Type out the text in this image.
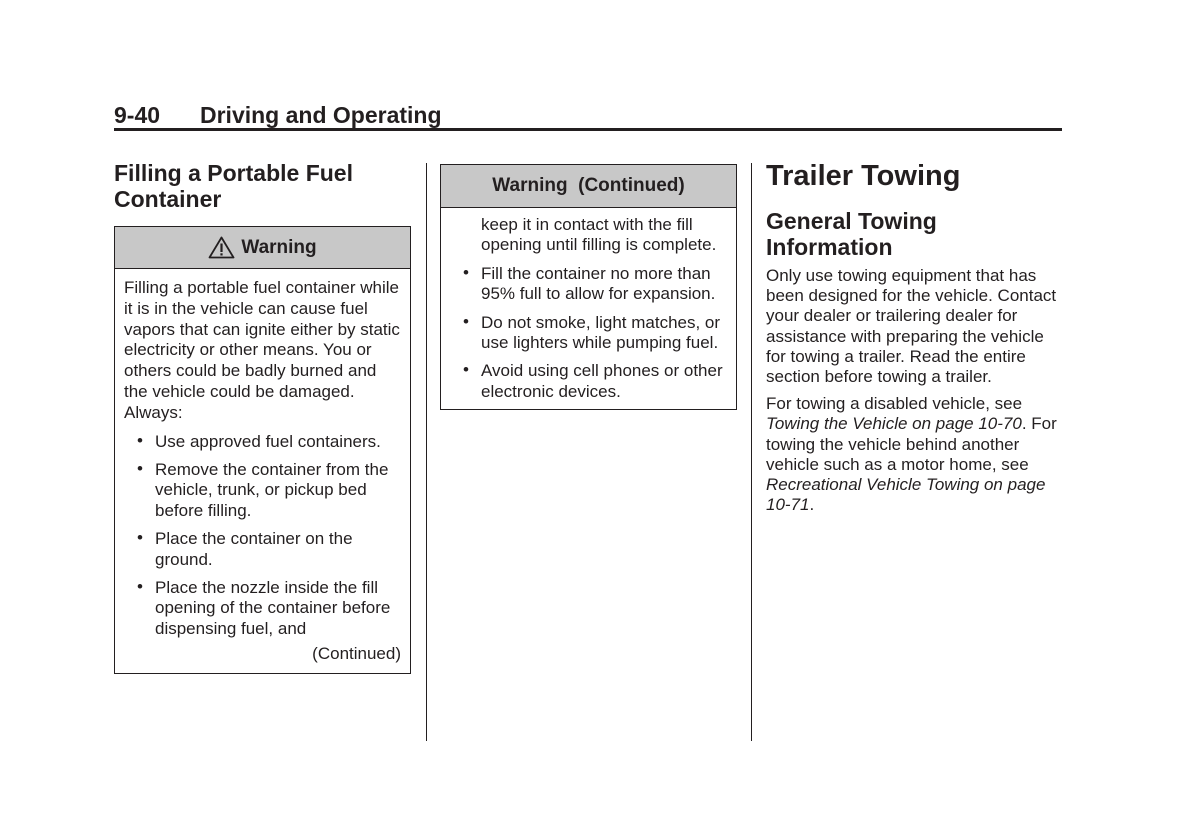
9-40 Driving and Operating
Filling a Portable Fuel Container
Warning

Filling a portable fuel container while it is in the vehicle can cause fuel vapors that can ignite either by static electricity or other means. You or others could be badly burned and the vehicle could be damaged. Always:

• Use approved fuel containers.
• Remove the container from the vehicle, trunk, or pickup bed before filling.
• Place the container on the ground.
• Place the nozzle inside the fill opening of the container before dispensing fuel, and
(Continued)
Warning  (Continued)

keep it in contact with the fill opening until filling is complete.

• Fill the container no more than 95% full to allow for expansion.
• Do not smoke, light matches, or use lighters while pumping fuel.
• Avoid using cell phones or other electronic devices.
Trailer Towing
General Towing Information

Only use towing equipment that has been designed for the vehicle. Contact your dealer or trailering dealer for assistance with preparing the vehicle for towing a trailer. Read the entire section before towing a trailer.

For towing a disabled vehicle, see Towing the Vehicle on page 10-70. For towing the vehicle behind another vehicle such as a motor home, see Recreational Vehicle Towing on page 10-71.
